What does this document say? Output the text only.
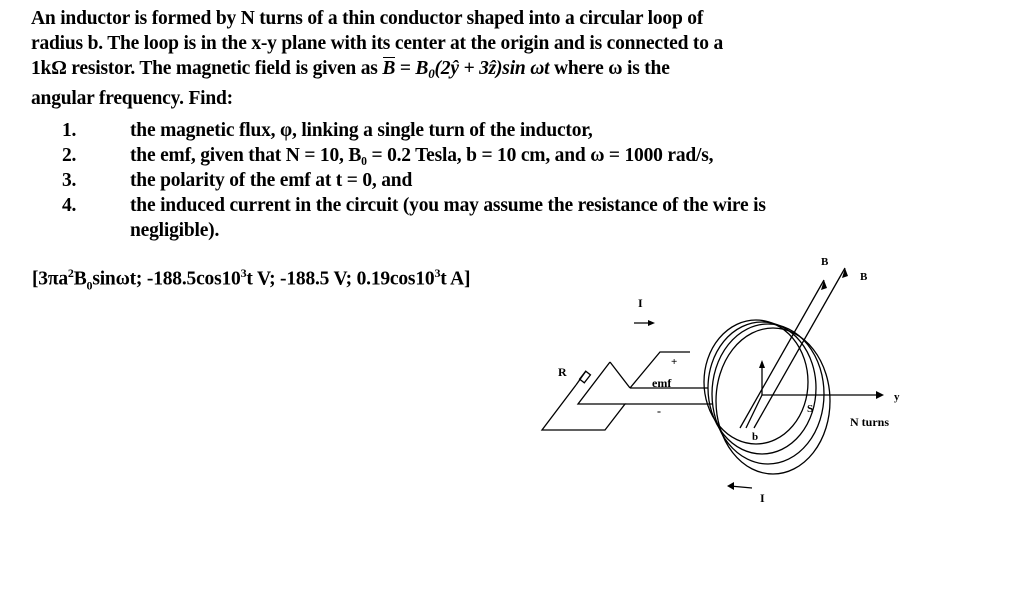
An inductor is formed by N turns of a thin conductor shaped into a circular loop of
radius b. The loop is in the x-y plane with its center at the origin and is connected to a
1kΩ resistor. The magnetic field is given as $B = B_0(2ŷ$ + 3ẑ)sin ωt where ω is the
angular frequency. Find:
1.	the magnetic flux, φ, linking a single turn of the inductor,
2.	the emf, given that N = 10, B₀ = 0.2 Tesla, b = 10 cm, and ω = 1000 rad/s,
3.	the polarity of the emf at t = 0, and
4.	the induced current in the circuit (you may assume the resistance of the wire is negligible).
[$3\pi a^2B_0\sin\omega t$; $-188.5\cos 10^3t$ V; -188.5 V; $0.19\cos 10^3t$ A]
I
I
R
+
-
emf
B
B
y
S
b
N turns
